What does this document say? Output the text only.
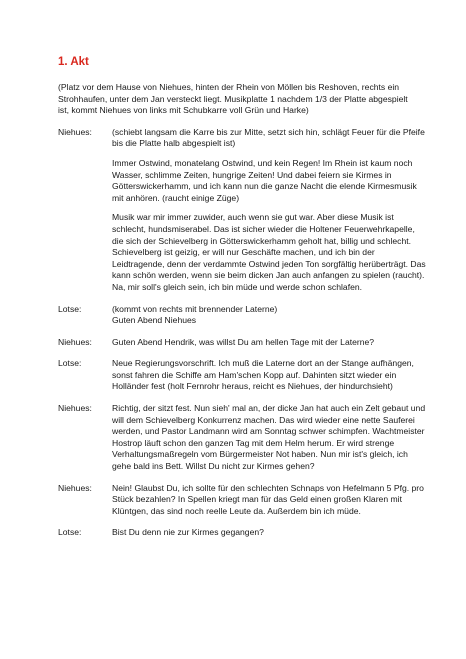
1. Akt

(Platz vor dem Hause von Niehues, hinten der Rhein von Möllen bis Reshoven, rechts ein Strohhaufen, unter dem Jan versteckt liegt. Musikplatte 1 nachdem 1/3 der Platte abgespielt ist, kommt Niehues von links mit Schubkarre voll Grün und Harke)

Niehues:	(schiebt langsam die Karre bis zur Mitte, setzt sich hin, schlägt Feuer für die Pfeife bis die Platte halb abgespielt ist)
Immer Ostwind, monatelang Ostwind, und kein Regen! Im Rhein ist kaum noch Wasser, schlimme Zeiten, hungrige Zeiten! Und dabei feiern sie Kirmes in Götterswickerhamm, und ich kann nun die ganze Nacht die elende Kirmesmusik mit anhören. (raucht einige Züge)
Musik war mir immer zuwider, auch wenn sie gut war. Aber diese Musik ist schlecht, hundsmiserabel. Das ist sicher wieder die Holtener Feuerwehrkapelle, die sich der Schievelberg in Götterswickerhamm geholt hat, billig und schlecht. Schievelberg ist geizig, er will nur Geschäfte machen, und ich bin der Leidtragende, denn der verdammte Ostwind jeden Ton sorgfältig herüberträgt. Das kann schön werden, wenn sie beim dicken Jan auch anfangen zu spielen (raucht). Na, mir soll's gleich sein, ich bin müde und werde schon schlafen.
Lotse:	(kommt von rechts mit brennender Laterne)
Guten Abend Niehues
Niehues:	Guten Abend Hendrik, was willst Du am hellen Tage mit der Laterne?
Lotse:	Neue Regierungsvorschrift. Ich muß die Laterne dort an der Stange aufhängen, sonst fahren die Schiffe am Ham'schen Kopp auf. Dahinten sitzt wieder ein Holländer fest (holt Fernrohr heraus, reicht es Niehues, der hindurchsieht)
Niehues:	Richtig, der sitzt fest. Nun sieh' mal an, der dicke Jan hat auch ein Zelt gebaut und will dem Schievelberg Konkurrenz machen. Das wird wieder eine nette Sauferei werden, und Pastor Landmann wird am Sonntag schwer schimpfen. Wachtmeister Hostrop läuft schon den ganzen Tag mit dem Helm herum. Er wird strenge Verhaltungsmaßregeln vom Bürgermeister Not haben. Nun mir ist's gleich, ich gehe bald ins Bett. Willst Du nicht zur Kirmes gehen?
Niehues:	Nein! Glaubst Du, ich sollte für den schlechten Schnaps von Hefelmann 5 Pfg. pro Stück bezahlen? In Spellen kriegt man für das Geld einen großen Klaren mit Klüntgen, das sind noch reelle Leute da. Außerdem bin ich müde.
Lotse:	Bist Du denn nie zur Kirmes gegangen?
